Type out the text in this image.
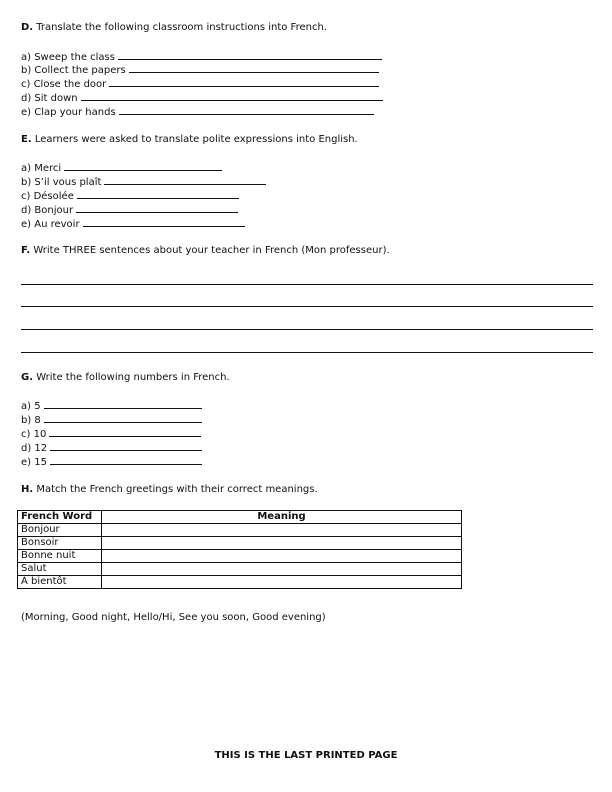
D. Translate the following classroom instructions into French.
a) Sweep the class
b) Collect the papers
c) Close the door
d) Sit down
e) Clap your hands
E. Learners were asked to translate polite expressions into English.
a) Merci
b) S’il vous plaît
c) Désolée
d) Bonjour
e) Au revoir
F. Write THREE sentences about your teacher in French (Mon professeur).
G. Write the following numbers in French.
a) 5
b) 8
c) 10
d) 12
e) 15
H. Match the French greetings with their correct meanings.
French Word	Meaning
Bonjour	
Bonsoir	
Bonne nuit	
Salut	
À bientôt	
(Morning, Good night, Hello/Hi, See you soon, Good evening)
THIS IS THE LAST PRINTED PAGE
